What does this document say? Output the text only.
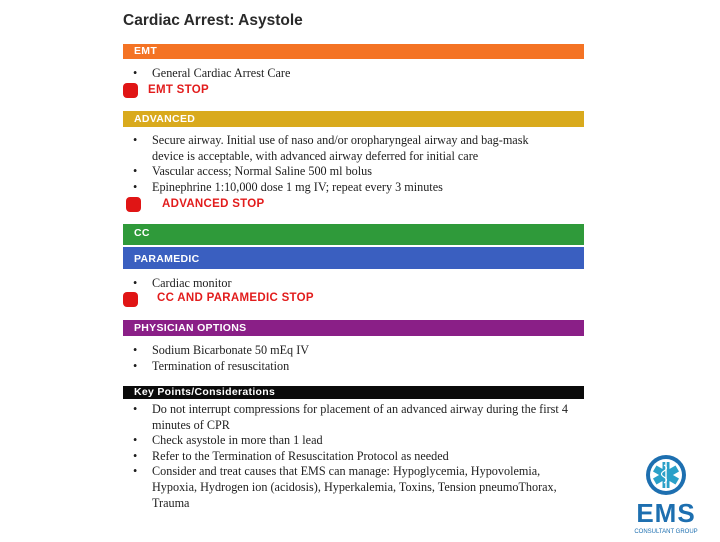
Cardiac Arrest: Asystole
EMT
• General Cardiac Arrest Care
EMT STOP
ADVANCED
• Secure airway. Initial use of naso and/or oropharyngeal airway and bag-mask device is acceptable, with advanced airway deferred for initial care
• Vascular access; Normal Saline 500 ml bolus
• Epinephrine 1:10,000 dose 1 mg IV; repeat every 3 minutes
ADVANCED STOP
CC
PARAMEDIC
• Cardiac monitor
CC AND PARAMEDIC STOP
PHYSICIAN OPTIONS
• Sodium Bicarbonate 50 mEq IV
• Termination of resuscitation
Key Points/Considerations
• Do not interrupt compressions for placement of an advanced airway during the first 4 minutes of CPR
• Check asystole in more than 1 lead
• Refer to the Termination of Resuscitation Protocol as needed
• Consider and treat causes that EMS can manage: Hypoglycemia, Hypovolemia, Hypoxia, Hydrogen ion (acidosis), Hyperkalemia, Toxins, Tension pneumoThorax, Trauma	EMS
CONSULTANT GROUP
